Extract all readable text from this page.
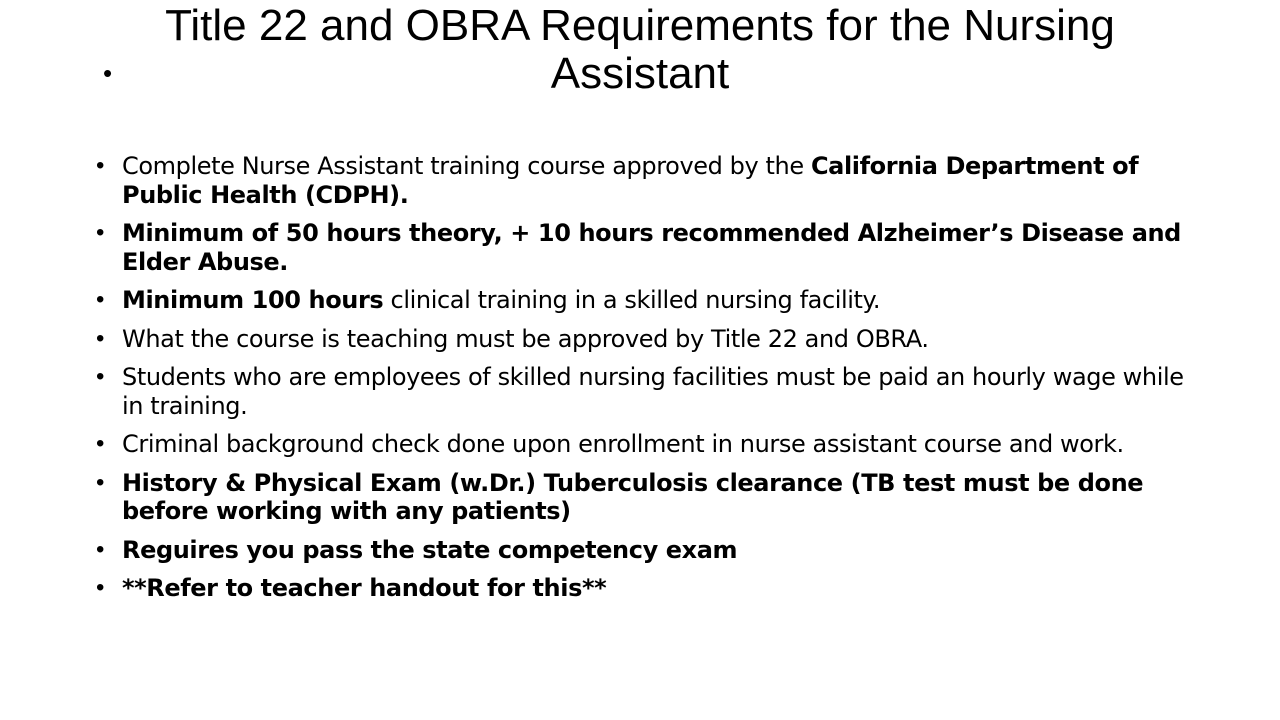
•
Title 22 and OBRA Requirements for the Nursing Assistant
• Complete Nurse Assistant training course approved by the California Department of Public Health (CDPH).
• Minimum of 50 hours theory, + 10 hours recommended Alzheimer’s Disease and Elder Abuse.
• Minimum 100 hours clinical training in a skilled nursing facility.
• What the course is teaching must be approved by Title 22 and OBRA.
• Students who are employees of skilled nursing facilities must be paid an hourly wage while in training.
• Criminal background check done upon enrollment in nurse assistant course and work.
• History & Physical Exam (w.Dr.) Tuberculosis clearance (TB test must be done before working with any patients)
• Reguires you pass the state competency exam
• **Refer to teacher handout for this**
